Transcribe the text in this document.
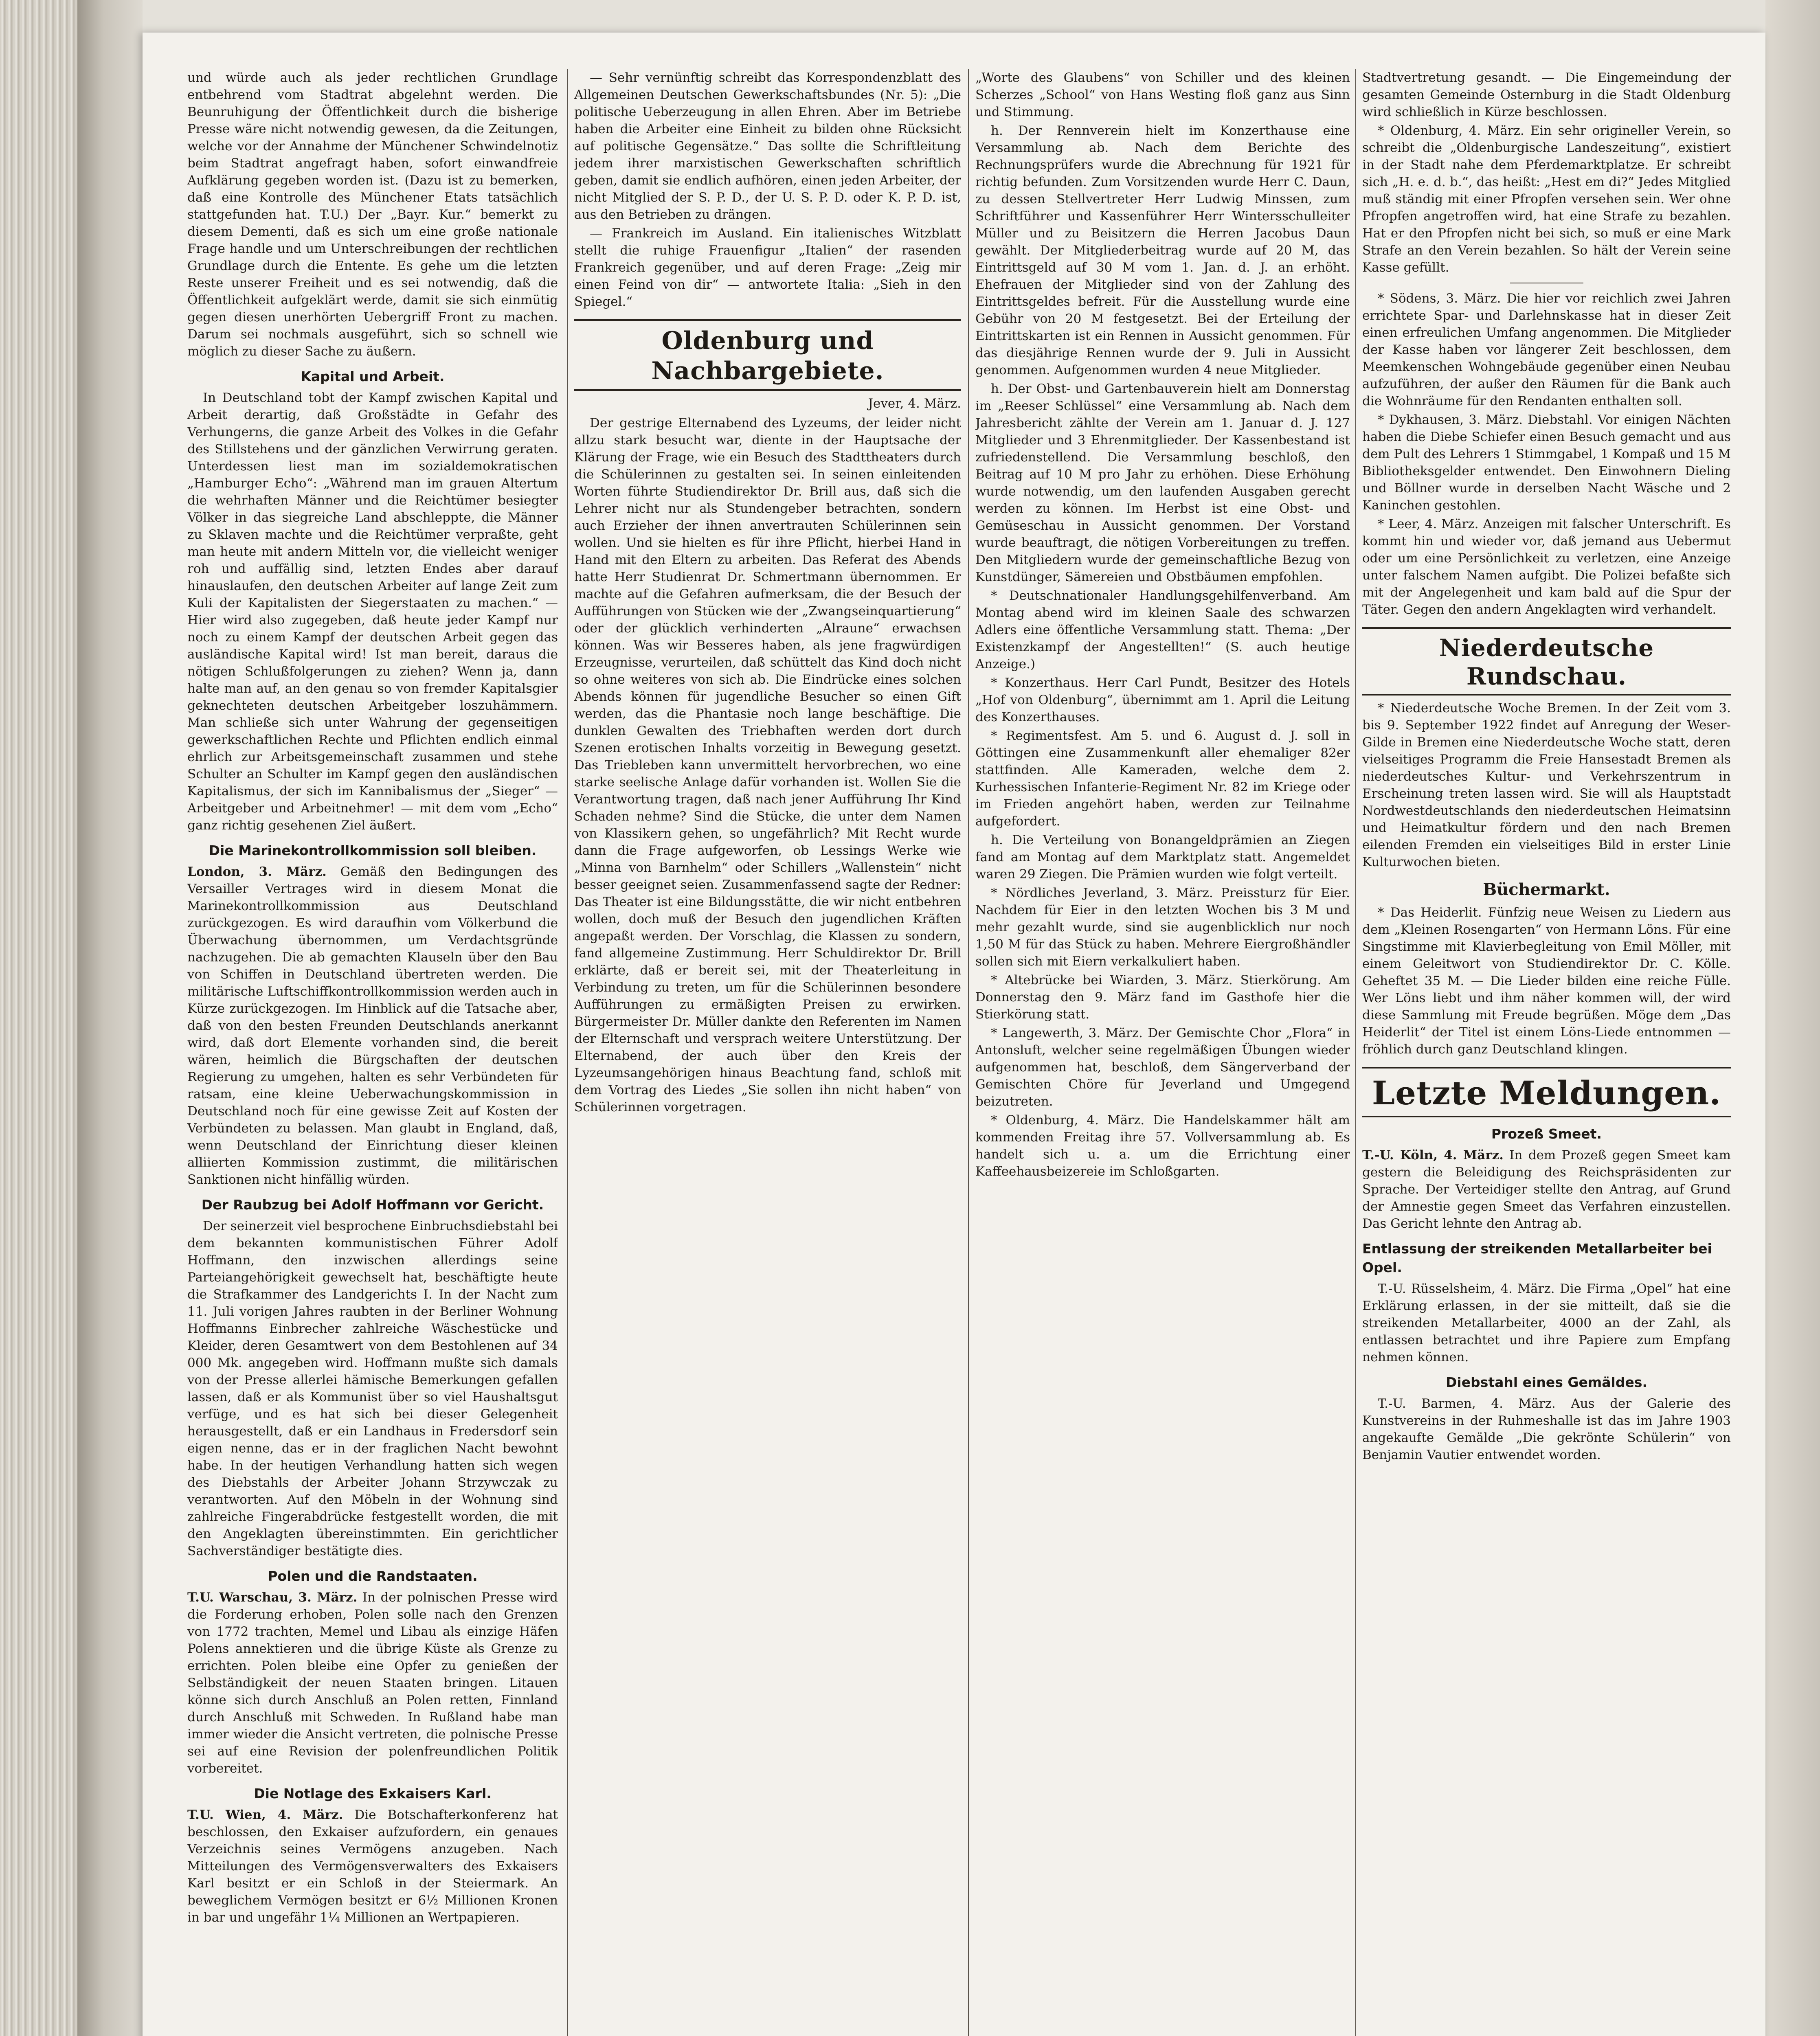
und würde auch als jeder rechtlichen Grundlage entbehrend vom Stadtrat abgelehnt werden. Die Beunruhigung der Öffentlichkeit durch die bisherige Presse wäre nicht notwendig gewesen, da die Zeitungen, welche vor der Annahme der Münchener Schwindelnotiz beim Stadtrat angefragt haben, sofort einwandfreie Aufklärung gegeben worden ist. (Dazu ist zu bemerken, daß eine Kontrolle des Münchener Etats tatsächlich stattgefunden hat. T.U.) Der „Bayr. Kur.“ bemerkt zu diesem Dementi, daß es sich um eine große nationale Frage handle und um Unterschreibungen der rechtlichen Grundlage durch die Entente. Es gehe um die letzten Reste unserer Freiheit und es sei notwendig, daß die Öffentlichkeit aufgeklärt werde, damit sie sich einmütig gegen diesen unerhörten Uebergriff Front zu machen. Darum sei nochmals ausgeführt, sich so schnell wie möglich zu dieser Sache zu äußern.

Kapital und Arbeit.

In Deutschland tobt der Kampf zwischen Kapital und Arbeit derartig, daß Großstädte in Gefahr des Verhungerns, die ganze Arbeit des Volkes in die Gefahr des Stillstehens und der gänzlichen Verwirrung geraten. Unterdessen liest man im sozialdemokratischen „Hamburger Echo“: „Während man im grauen Altertum die wehrhaften Männer und die Reichtümer besiegter Völker in das siegreiche Land abschleppte, die Männer zu Sklaven machte und die Reichtümer verpraßte, geht man heute mit andern Mitteln vor, die vielleicht weniger roh und auffällig sind, letzten Endes aber darauf hinauslaufen, den deutschen Arbeiter auf lange Zeit zum Kuli der Kapitalisten der Siegerstaaten zu machen.“ — Hier wird also zugegeben, daß heute jeder Kampf nur noch zu einem Kampf der deutschen Arbeit gegen das ausländische Kapital wird! Ist man bereit, daraus die nötigen Schlußfolgerungen zu ziehen? Wenn ja, dann halte man auf, an den genau so von fremder Kapitalsgier geknechteten deutschen Arbeitgeber loszuhämmern. Man schließe sich unter Wahrung der gegenseitigen gewerkschaftlichen Rechte und Pflichten endlich einmal ehrlich zur Arbeitsgemeinschaft zusammen und stehe Schulter an Schulter im Kampf gegen den ausländischen Kapitalismus, der sich im Kannibalismus der „Sieger“ — Arbeitgeber und Arbeitnehmer! — mit dem vom „Echo“ ganz richtig gesehenen Ziel äußert.

Die Marinekontrollkommission soll bleiben.

London, 3. März. Gemäß den Bedingungen des Versailler Vertrages wird in diesem Monat die Marinekontrollkommission aus Deutschland zurückgezogen. Es wird daraufhin vom Völkerbund die Überwachung übernommen, um Verdachtsgründe nachzugehen. Die ab gemachten Klauseln über den Bau von Schiffen in Deutschland übertreten werden. Die militärische Luftschiffkontrollkommission werden auch in Kürze zurückgezogen. Im Hinblick auf die Tatsache aber, daß von den besten Freunden Deutschlands anerkannt wird, daß dort Elemente vorhanden sind, die bereit wären, heimlich die Bürgschaften der deutschen Regierung zu umgehen, halten es sehr Verbündeten für ratsam, eine kleine Ueberwachungskommission in Deutschland noch für eine gewisse Zeit auf Kosten der Verbündeten zu belassen. Man glaubt in England, daß, wenn Deutschland der Einrichtung dieser kleinen alliierten Kommission zustimmt, die militärischen Sanktionen nicht hinfällig würden.

Der Raubzug bei Adolf Hoffmann vor Gericht.

Der seinerzeit viel besprochene Einbruchsdiebstahl bei dem bekannten kommunistischen Führer Adolf Hoffmann, den inzwischen allerdings seine Parteiangehörigkeit gewechselt hat, beschäftigte heute die Strafkammer des Landgerichts I. In der Nacht zum 11. Juli vorigen Jahres raubten in der Berliner Wohnung Hoffmanns Einbrecher zahlreiche Wäschestücke und Kleider, deren Gesamtwert von dem Bestohlenen auf 34 000 Mk. angegeben wird. Hoffmann mußte sich damals von der Presse allerlei hämische Bemerkungen gefallen lassen, daß er als Kommunist über so viel Haushaltsgut verfüge, und es hat sich bei dieser Gelegenheit herausgestellt, daß er ein Landhaus in Fredersdorf sein eigen nenne, das er in der fraglichen Nacht bewohnt habe. In der heutigen Verhandlung hatten sich wegen des Diebstahls der Arbeiter Johann Strzywczak zu verantworten. Auf den Möbeln in der Wohnung sind zahlreiche Fingerabdrücke festgestellt worden, die mit den Angeklagten übereinstimmten. Ein gerichtlicher Sachverständiger bestätigte dies.

Polen und die Randstaaten.

T.U. Warschau, 3. März. In der polnischen Presse wird die Forderung erhoben, Polen solle nach den Grenzen von 1772 trachten, Memel und Libau als einzige Häfen Polens annektieren und die übrige Küste als Grenze zu errichten. Polen bleibe eine Opfer zu genießen der Selbständigkeit der neuen Staaten bringen. Litauen könne sich durch Anschluß an Polen retten, Finnland durch Anschluß mit Schweden. In Rußland habe man immer wieder die Ansicht vertreten, die polnische Presse sei auf eine Revision der polenfreundlichen Politik vorbereitet.

Die Notlage des Exkaisers Karl.

T.U. Wien, 4. März. Die Botschafterkonferenz hat beschlossen, den Exkaiser aufzufordern, ein genaues Verzeichnis seines Vermögens anzugeben. Nach Mitteilungen des Vermögensverwalters des Exkaisers Karl besitzt er ein Schloß in der Steiermark. An beweglichem Vermögen besitzt er 6½ Millionen Kronen in bar und ungefähr 1¼ Millionen an Wertpapieren.

— Sehr vernünftig schreibt das Korrespondenzblatt des Allgemeinen Deutschen Gewerkschaftsbundes (Nr. 5): „Die politische Ueberzeugung in allen Ehren. Aber im Betriebe haben die Arbeiter eine Einheit zu bilden ohne Rücksicht auf politische Gegensätze.“ Das sollte die Schriftleitung jedem ihrer marxistischen Gewerkschaften schriftlich geben, damit sie endlich aufhören, einen jeden Arbeiter, der nicht Mitglied der S. P. D., der U. S. P. D. oder K. P. D. ist, aus den Betrieben zu drängen.

— Frankreich im Ausland. Ein italienisches Witzblatt stellt die ruhige Frauenfigur „Italien“ der rasenden Frankreich gegenüber, und auf deren Frage: „Zeig mir einen Feind von dir“ — antwortete Italia: „Sieh in den Spiegel.“

Oldenburg und Nachbargebiete.
Jever, 4. März.

Der gestrige Elternabend des Lyzeums, der leider nicht allzu stark besucht war, diente in der Hauptsache der Klärung der Frage, wie ein Besuch des Stadttheaters durch die Schülerinnen zu gestalten sei. In seinen einleitenden Worten führte Studiendirektor Dr. Brill aus, daß sich die Lehrer nicht nur als Stundengeber betrachten, sondern auch Erzieher der ihnen anvertrauten Schülerinnen sein wollen. Und sie hielten es für ihre Pflicht, hierbei Hand in Hand mit den Eltern zu arbeiten. Das Referat des Abends hatte Herr Studienrat Dr. Schmertmann übernommen. Er machte auf die Gefahren aufmerksam, die der Besuch der Aufführungen von Stücken wie der „Zwangseinquartierung“ oder der glücklich verhinderten „Alraune“ erwachsen können. Was wir Besseres haben, als jene fragwürdigen Erzeugnisse, verurteilen, daß schüttelt das Kind doch nicht so ohne weiteres von sich ab. Die Eindrücke eines solchen Abends können für jugendliche Besucher so einen Gift werden, das die Phantasie noch lange beschäftige. Die dunklen Gewalten des Triebhaften werden dort durch Szenen erotischen Inhalts vorzeitig in Bewegung gesetzt. Das Triebleben kann unvermittelt hervorbrechen, wo eine starke seelische Anlage dafür vorhanden ist. Wollen Sie die Verantwortung tragen, daß nach jener Aufführung Ihr Kind Schaden nehme? Sind die Stücke, die unter dem Namen von Klassikern gehen, so ungefährlich? Mit Recht wurde dann die Frage aufgeworfen, ob Lessings Werke wie „Minna von Barnhelm“ oder Schillers „Wallenstein“ nicht besser geeignet seien. Zusammenfassend sagte der Redner: Das Theater ist eine Bildungsstätte, die wir nicht entbehren wollen, doch muß der Besuch den jugendlichen Kräften angepaßt werden. Der Vorschlag, die Klassen zu sondern, fand allgemeine Zustimmung. Herr Schuldirektor Dr. Brill erklärte, daß er bereit sei, mit der Theaterleitung in Verbindung zu treten, um für die Schülerinnen besondere Aufführungen zu ermäßigten Preisen zu erwirken. Bürgermeister Dr. Müller dankte den Referenten im Namen der Elternschaft und versprach weitere Unterstützung. Der Elternabend, der auch über den Kreis der Lyzeumsangehörigen hinaus Beachtung fand, schloß mit dem Vortrag des Liedes „Sie sollen ihn nicht haben“ von Schülerinnen vorgetragen.

„Worte des Glaubens“ von Schiller und des kleinen Scherzes „School“ von Hans Westing floß ganz aus Sinn und Stimmung.

h. Der Rennverein hielt im Konzerthause eine Versammlung ab. Nach dem Berichte des Rechnungsprüfers wurde die Abrechnung für 1921 für richtig befunden. Zum Vorsitzenden wurde Herr C. Daun, zu dessen Stellvertreter Herr Ludwig Minssen, zum Schriftführer und Kassenführer Herr Wintersschulleiter Müller und zu Beisitzern die Herren Jacobus Daun gewählt. Der Mitgliederbeitrag wurde auf 20 M, das Eintrittsgeld auf 30 M vom 1. Jan. d. J. an erhöht. Ehefrauen der Mitglieder sind von der Zahlung des Eintrittsgeldes befreit. Für die Ausstellung wurde eine Gebühr von 20 M festgesetzt. Bei der Erteilung der Eintrittskarten ist ein Rennen in Aussicht genommen. Für das diesjährige Rennen wurde der 9. Juli in Aussicht genommen. Aufgenommen wurden 4 neue Mitglieder.

h. Der Obst- und Gartenbauverein hielt am Donnerstag im „Reeser Schlüssel“ eine Versammlung ab. Nach dem Jahresbericht zählte der Verein am 1. Januar d. J. 127 Mitglieder und 3 Ehrenmitglieder. Der Kassenbestand ist zufriedenstellend. Die Versammlung beschloß, den Beitrag auf 10 M pro Jahr zu erhöhen. Diese Erhöhung wurde notwendig, um den laufenden Ausgaben gerecht werden zu können. Im Herbst ist eine Obst- und Gemüseschau in Aussicht genommen. Der Vorstand wurde beauftragt, die nötigen Vorbereitungen zu treffen. Den Mitgliedern wurde der gemeinschaftliche Bezug von Kunstdünger, Sämereien und Obstbäumen empfohlen.

* Deutschnationaler Handlungsgehilfenverband. Am Montag abend wird im kleinen Saale des schwarzen Adlers eine öffentliche Versammlung statt. Thema: „Der Existenzkampf der Angestellten!“ (S. auch heutige Anzeige.)

* Konzerthaus. Herr Carl Pundt, Besitzer des Hotels „Hof von Oldenburg“, übernimmt am 1. April die Leitung des Konzerthauses.

* Regimentsfest. Am 5. und 6. August d. J. soll in Göttingen eine Zusammenkunft aller ehemaliger 82er stattfinden. Alle Kameraden, welche dem 2. Kurhessischen Infanterie-Regiment Nr. 82 im Kriege oder im Frieden angehört haben, werden zur Teilnahme aufgefordert.

h. Die Verteilung von Bonangeldprämien an Ziegen fand am Montag auf dem Marktplatz statt. Angemeldet waren 29 Ziegen. Die Prämien wurden wie folgt verteilt.

* Nördliches Jeverland, 3. März. Preissturz für Eier. Nachdem für Eier in den letzten Wochen bis 3 M und mehr gezahlt wurde, sind sie augenblicklich nur noch 1,50 M für das Stück zu haben. Mehrere Eiergroßhändler sollen sich mit Eiern verkalkuliert haben.

* Altebrücke bei Wiarden, 3. März. Stierkörung. Am Donnerstag den 9. März fand im Gasthofe hier die Stierkörung statt.

* Langewerth, 3. März. Der Gemischte Chor „Flora“ in Antonsluft, welcher seine regelmäßigen Übungen wieder aufgenommen hat, beschloß, dem Sängerverband der Gemischten Chöre für Jeverland und Umgegend beizutreten.

* Oldenburg, 4. März. Die Handelskammer hält am kommenden Freitag ihre 57. Vollversammlung ab. Es handelt sich u. a. um die Errichtung einer Kaffeehausbeizereie im Schloßgarten.

Stadtvertretung gesandt. — Die Eingemeindung der gesamten Gemeinde Osternburg in die Stadt Oldenburg wird schließlich in Kürze beschlossen.

* Oldenburg, 4. März. Ein sehr origineller Verein, so schreibt die „Oldenburgische Landeszeitung“, existiert in der Stadt nahe dem Pferdemarktplatze. Er schreibt sich „H. e. d. b.“, das heißt: „Hest em di?“ Jedes Mitglied muß ständig mit einer Pfropfen versehen sein. Wer ohne Pfropfen angetroffen wird, hat eine Strafe zu bezahlen. Hat er den Pfropfen nicht bei sich, so muß er eine Mark Strafe an den Verein bezahlen. So hält der Verein seine Kasse gefüllt.

* Södens, 3. März. Die hier vor reichlich zwei Jahren errichtete Spar- und Darlehnskasse hat in dieser Zeit einen erfreulichen Umfang angenommen. Die Mitglieder der Kasse haben vor längerer Zeit beschlossen, dem Meemkenschen Wohngebäude gegenüber einen Neubau aufzuführen, der außer den Räumen für die Bank auch die Wohnräume für den Rendanten enthalten soll.

* Dykhausen, 3. März. Diebstahl. Vor einigen Nächten haben die Diebe Schiefer einen Besuch gemacht und aus dem Pult des Lehrers 1 Stimmgabel, 1 Kompaß und 15 M Bibliotheksgelder entwendet. Den Einwohnern Dieling und Böllner wurde in derselben Nacht Wäsche und 2 Kaninchen gestohlen.

* Leer, 4. März. Anzeigen mit falscher Unterschrift. Es kommt hin und wieder vor, daß jemand aus Uebermut oder um eine Persönlichkeit zu verletzen, eine Anzeige unter falschem Namen aufgibt. Die Polizei befaßte sich mit der Angelegenheit und kam bald auf die Spur der Täter. Gegen den andern Angeklagten wird verhandelt.

Niederdeutsche Rundschau.

* Niederdeutsche Woche Bremen. In der Zeit vom 3. bis 9. September 1922 findet auf Anregung der Weser-Gilde in Bremen eine Niederdeutsche Woche statt, deren vielseitiges Programm die Freie Hansestadt Bremen als niederdeutsches Kultur- und Verkehrszentrum in Erscheinung treten lassen wird. Sie will als Hauptstadt Nordwestdeutschlands den niederdeutschen Heimatsinn und Heimatkultur fördern und den nach Bremen eilenden Fremden ein vielseitiges Bild in erster Linie Kulturwochen bieten.

Büchermarkt.

* Das Heiderlit. Fünfzig neue Weisen zu Liedern aus dem „Kleinen Rosengarten“ von Hermann Löns. Für eine Singstimme mit Klavierbegleitung von Emil Möller, mit einem Geleitwort von Studiendirektor Dr. C. Kölle. Geheftet 35 M. — Die Lieder bilden eine reiche Fülle. Wer Löns liebt und ihm näher kommen will, der wird diese Sammlung mit Freude begrüßen. Möge dem „Das Heiderlit“ der Titel ist einem Löns-Liede entnommen — fröhlich durch ganz Deutschland klingen.

Letzte Meldungen.
Prozeß Smeet.

T.-U. Köln, 4. März. In dem Prozeß gegen Smeet kam gestern die Beleidigung des Reichspräsidenten zur Sprache. Der Verteidiger stellte den Antrag, auf Grund der Amnestie gegen Smeet das Verfahren einzustellen. Das Gericht lehnte den Antrag ab.

Entlassung der streikenden Metallarbeiter bei Opel.

T.-U. Rüsselsheim, 4. März. Die Firma „Opel“ hat eine Erklärung erlassen, in der sie mitteilt, daß sie die streikenden Metallarbeiter, 4000 an der Zahl, als entlassen betrachtet und ihre Papiere zum Empfang nehmen können.

Diebstahl eines Gemäldes.

T.-U. Barmen, 4. März. Aus der Galerie des Kunstvereins in der Ruhmeshalle ist das im Jahre 1903 angekaufte Gemälde „Die gekrönte Schülerin“ von Benjamin Vautier entwendet worden.
